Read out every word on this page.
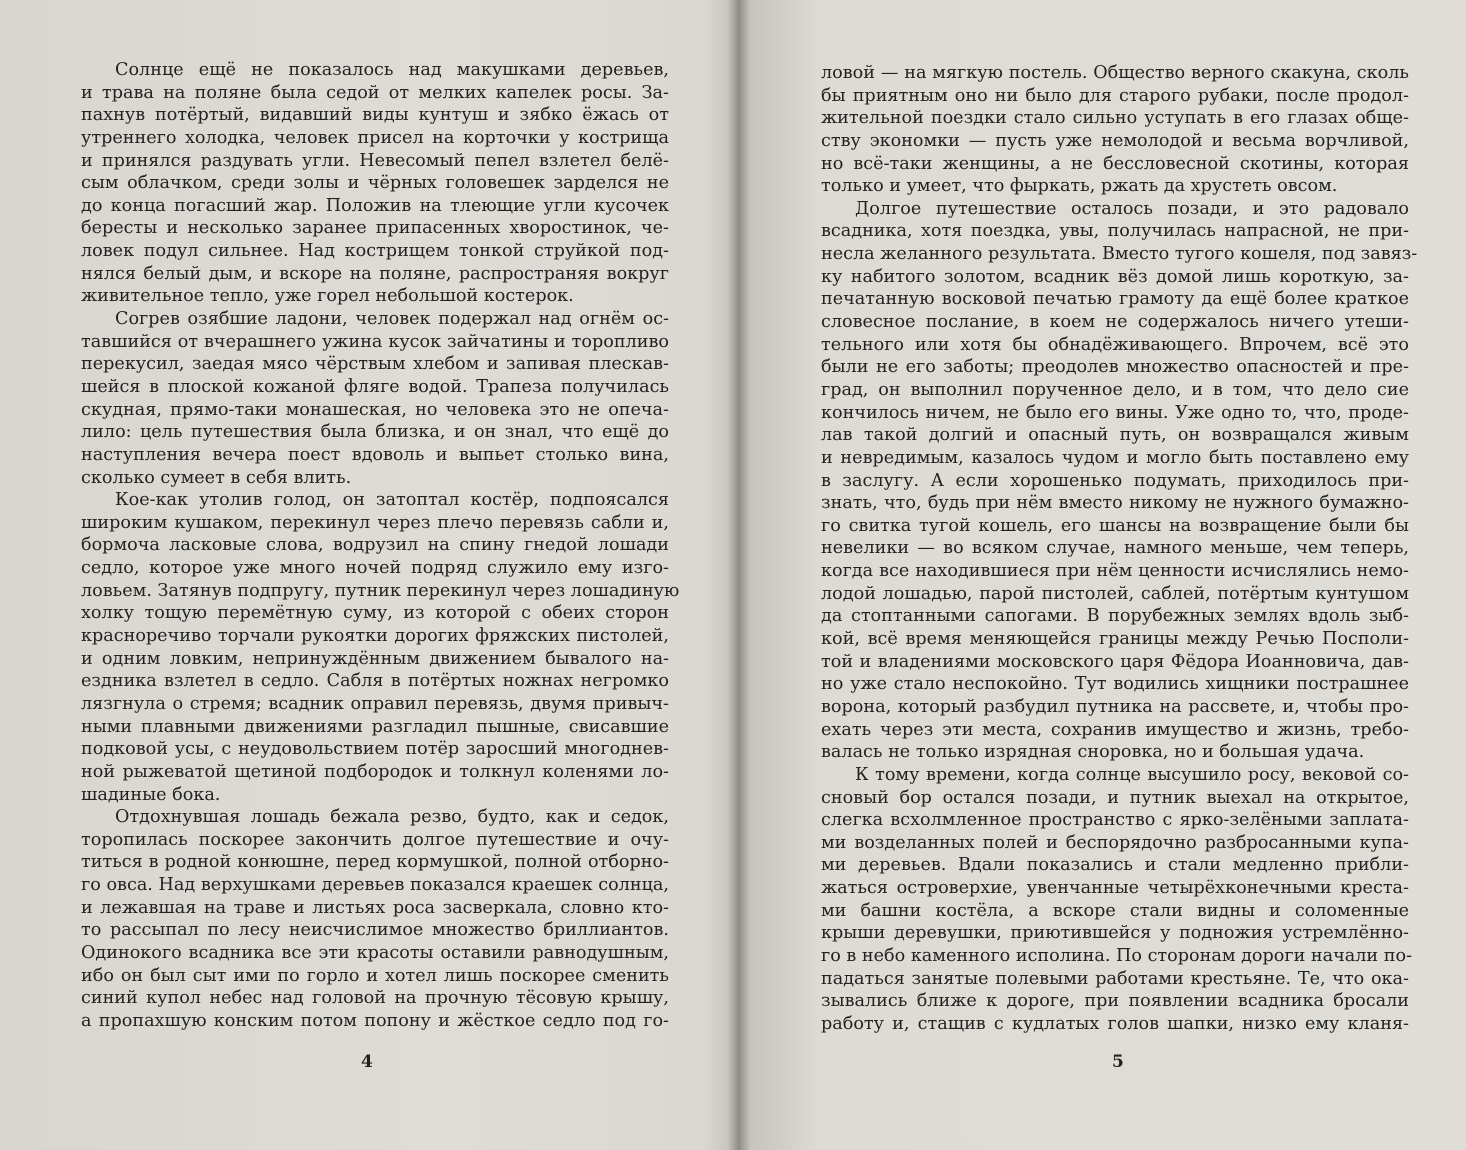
Солнце ещё не показалось над макушками деревьев,
и трава на поляне была седой от мелких капелек росы. За-
пахнув потёртый, видавший виды кунтуш и зябко ёжась от
утреннего холодка, человек присел на корточки у кострища
и принялся раздувать угли. Невесомый пепел взлетел белё-
сым облачком, среди золы и чёрных головешек зарделся не
до конца погасший жар. Положив на тлеющие угли кусочек
бересты и несколько заранее припасенных хворостинок, че-
ловек подул сильнее. Над кострищем тонкой струйкой под-
нялся белый дым, и вскоре на поляне, распространяя вокруг
живительное тепло, уже горел небольшой костерок.
Согрев озябшие ладони, человек подержал над огнём ос-
тавшийся от вчерашнего ужина кусок зайчатины и торопливо
перекусил, заедая мясо чёрствым хлебом и запивая плескав-
шейся в плоской кожаной фляге водой. Трапеза получилась
скудная, прямо-таки монашеская, но человека это не опеча-
лило: цель путешествия была близка, и он знал, что ещё до
наступления вечера поест вдоволь и выпьет столько вина,
сколько сумеет в себя влить.
Кое-как утолив голод, он затоптал костёр, подпоясался
широким кушаком, перекинул через плечо перевязь сабли и,
бормоча ласковые слова, водрузил на спину гнедой лошади
седло, которое уже много ночей подряд служило ему изго-
ловьем. Затянув подпругу, путник перекинул через лошадиную
холку тощую перемётную суму, из которой с обеих сторон
красноречиво торчали рукоятки дорогих фряжских пистолей,
и одним ловким, непринуждённым движением бывалого на-
ездника взлетел в седло. Сабля в потёртых ножнах негромко
лязгнула о стремя; всадник оправил перевязь, двумя привыч-
ными плавными движениями разгладил пышные, свисавшие
подковой усы, с неудовольствием потёр заросший многоднев-
ной рыжеватой щетиной подбородок и толкнул коленями ло-
шадиные бока.
Отдохнувшая лошадь бежала резво, будто, как и седок,
торопилась поскорее закончить долгое путешествие и очу-
титься в родной конюшне, перед кормушкой, полной отборно-
го овса. Над верхушками деревьев показался краешек солнца,
и лежавшая на траве и листьях роса засверкала, словно кто-
то рассыпал по лесу неисчислимое множество бриллиантов.
Одинокого всадника все эти красоты оставили равнодушным,
ибо он был сыт ими по горло и хотел лишь поскорее сменить
синий купол небес над головой на прочную тёсовую крышу,
а пропахшую конским потом попону и жёсткое седло под го-
ловой — на мягкую постель. Общество верного скакуна, сколь
бы приятным оно ни было для старого рубаки, после продол-
жительной поездки стало сильно уступать в его глазах обще-
ству экономки — пусть уже немолодой и весьма ворчливой,
но всё-таки женщины, а не бессловесной скотины, которая
только и умеет, что фыркать, ржать да хрустеть овсом.
Долгое путешествие осталось позади, и это радовало
всадника, хотя поездка, увы, получилась напрасной, не при-
несла желанного результата. Вместо тугого кошеля, под завяз-
ку набитого золотом, всадник вёз домой лишь короткую, за-
печатанную восковой печатью грамоту да ещё более краткое
словесное послание, в коем не содержалось ничего утеши-
тельного или хотя бы обнадёживающего. Впрочем, всё это
были не его заботы; преодолев множество опасностей и пре-
град, он выполнил порученное дело, и в том, что дело сие
кончилось ничем, не было его вины. Уже одно то, что, проде-
лав такой долгий и опасный путь, он возвращался живым
и невредимым, казалось чудом и могло быть поставлено ему
в заслугу. А если хорошенько подумать, приходилось при-
знать, что, будь при нём вместо никому не нужного бумажно-
го свитка тугой кошель, его шансы на возвращение были бы
невелики — во всяком случае, намного меньше, чем теперь,
когда все находившиеся при нём ценности исчислялись немо-
лодой лошадью, парой пистолей, саблей, потёртым кунтушом
да стоптанными сапогами. В порубежных землях вдоль зыб-
кой, всё время меняющейся границы между Речью Посполи-
той и владениями московского царя Фёдора Иоанновича, дав-
но уже стало неспокойно. Тут водились хищники пострашнее
ворона, который разбудил путника на рассвете, и, чтобы про-
ехать через эти места, сохранив имущество и жизнь, требо-
валась не только изрядная сноровка, но и большая удача.
К тому времени, когда солнце высушило росу, вековой со-
сновый бор остался позади, и путник выехал на открытое,
слегка всхолмленное пространство с ярко-зелёными заплата-
ми возделанных полей и беспорядочно разбросанными купа-
ми деревьев. Вдали показались и стали медленно прибли-
жаться островерхие, увенчанные четырёхконечными креста-
ми башни костёла, а вскоре стали видны и соломенные
крыши деревушки, приютившейся у подножия устремлённо-
го в небо каменного исполина. По сторонам дороги начали по-
падаться занятые полевыми работами крестьяне. Те, что ока-
зывались ближе к дороге, при появлении всадника бросали
работу и, стащив с кудлатых голов шапки, низко ему кланя-
4	5
